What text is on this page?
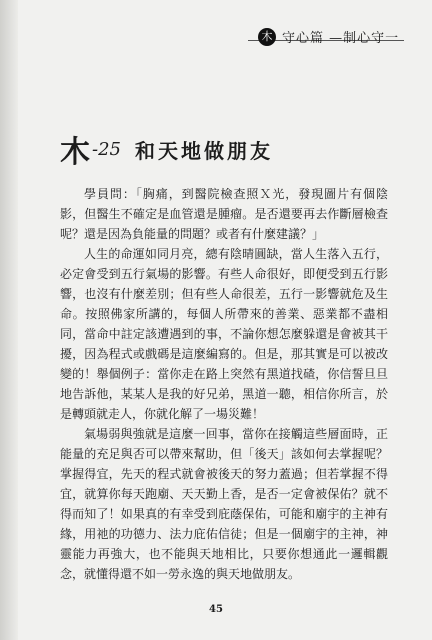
木 守心篇 —制心守一
木 -25 和天地做朋友

學員問：「胸痛，到醫院檢查照Ｘ光，發現圖片有個陰影，但醫生不確定是血管還是腫瘤。是否還要再去作斷層檢查呢？還是因為負能量的問題？或者有什麼建議？」

人生的命運如同月亮，總有陰晴圓缺，當人生落入五行，必定會受到五行氣場的影響。有些人命很好，即便受到五行影響，也沒有什麼差別；但有些人命很差，五行一影響就危及生命。按照佛家所講的，每個人所帶來的善業、惡業都不盡相同，當命中註定該遭遇到的事，不論你想怎麼躲還是會被其干擾，因為程式或戲碼是這麼編寫的。但是，那其實是可以被改變的！舉個例子：當你走在路上突然有黑道找碴，你信誓旦旦地告訴他，某某人是我的好兄弟，黑道一聽，相信你所言，於是轉頭就走人，你就化解了一場災難！

氣場弱與強就是這麼一回事，當你在接觸這些層面時，正能量的充足與否可以帶來幫助，但「後天」該如何去掌握呢？掌握得宜，先天的程式就會被後天的努力蓋過；但若掌握不得宜，就算你每天跑廟、天天勤上香，是否一定會被保佑？就不得而知了！如果真的有幸受到庇蔭保佑，可能和廟宇的主神有緣，用祂的功德力、法力庇佑信徒；但是一個廟宇的主神，神靈能力再強大，也不能與天地相比，只要你想通此一邏輯觀念，就懂得還不如一勞永逸的與天地做朋友。

45
